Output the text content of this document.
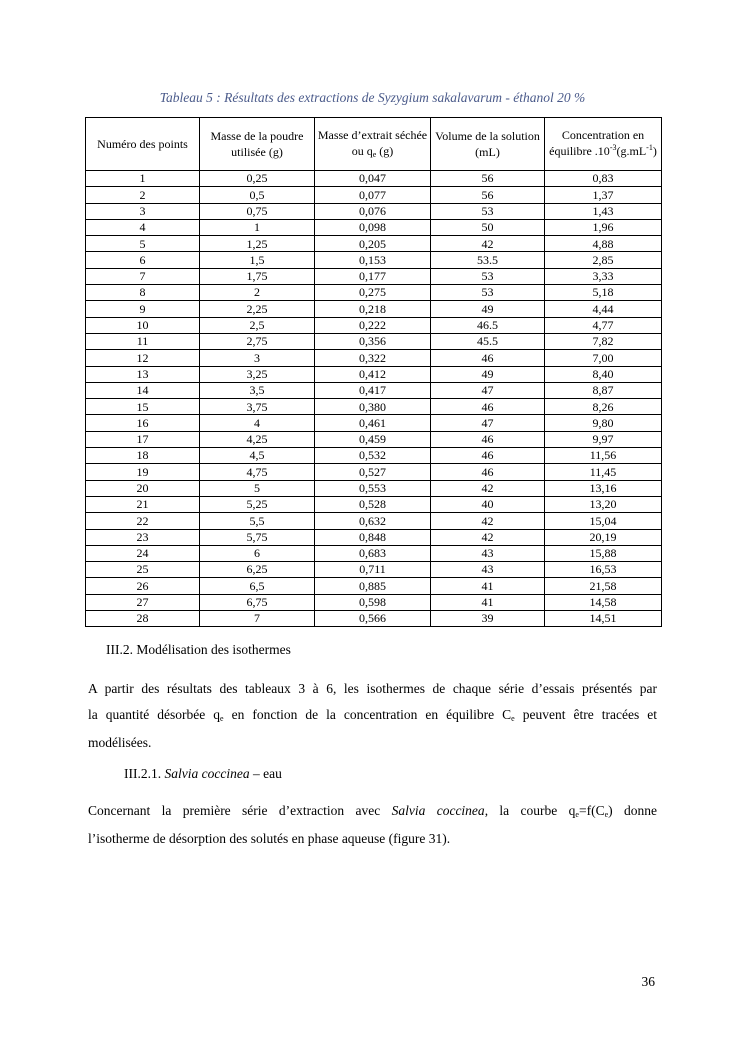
Tableau 5 : Résultats des extractions de Syzygium sakalavarum - éthanol 20 %
Numéro des points	Masse de la poudre utilisée (g)	Masse d’extrait séchée ou qe (g)	Volume de la solution (mL)	Concentration en équilibre $.10^{-3}(g.mL^{-1})$
1	0,25	0,047	56	0,83
2	0,5	0,077	56	1,37
3	0,75	0,076	53	1,43
4	1	0,098	50	1,96
5	1,25	0,205	42	4,88
6	1,5	0,153	53.5	2,85
7	1,75	0,177	53	3,33
8	2	0,275	53	5,18
9	2,25	0,218	49	4,44
10	2,5	0,222	46.5	4,77
11	2,75	0,356	45.5	7,82
12	3	0,322	46	7,00
13	3,25	0,412	49	8,40
14	3,5	0,417	47	8,87
15	3,75	0,380	46	8,26
16	4	0,461	47	9,80
17	4,25	0,459	46	9,97
18	4,5	0,532	46	11,56
19	4,75	0,527	46	11,45
20	5	0,553	42	13,16
21	5,25	0,528	40	13,20
22	5,5	0,632	42	15,04
23	5,75	0,848	42	20,19
24	6	0,683	43	15,88
25	6,25	0,711	43	16,53
26	6,5	0,885	41	21,58
27	6,75	0,598	41	14,58
28	7	0,566	39	14,51
III.2. Modélisation des isothermes
A partir des résultats des tableaux 3 à 6, les isothermes de chaque série d’essais présentés par
la quantité désorbée qe en fonction de la concentration en équilibre Ce peuvent être tracées et
modélisées.
III.2.1. Salvia coccinea – eau
Concernant la première série d’extraction avec Salvia coccinea, la courbe qe=f(Ce) donne
l’isotherme de désorption des solutés en phase aqueuse (figure 31).
36
